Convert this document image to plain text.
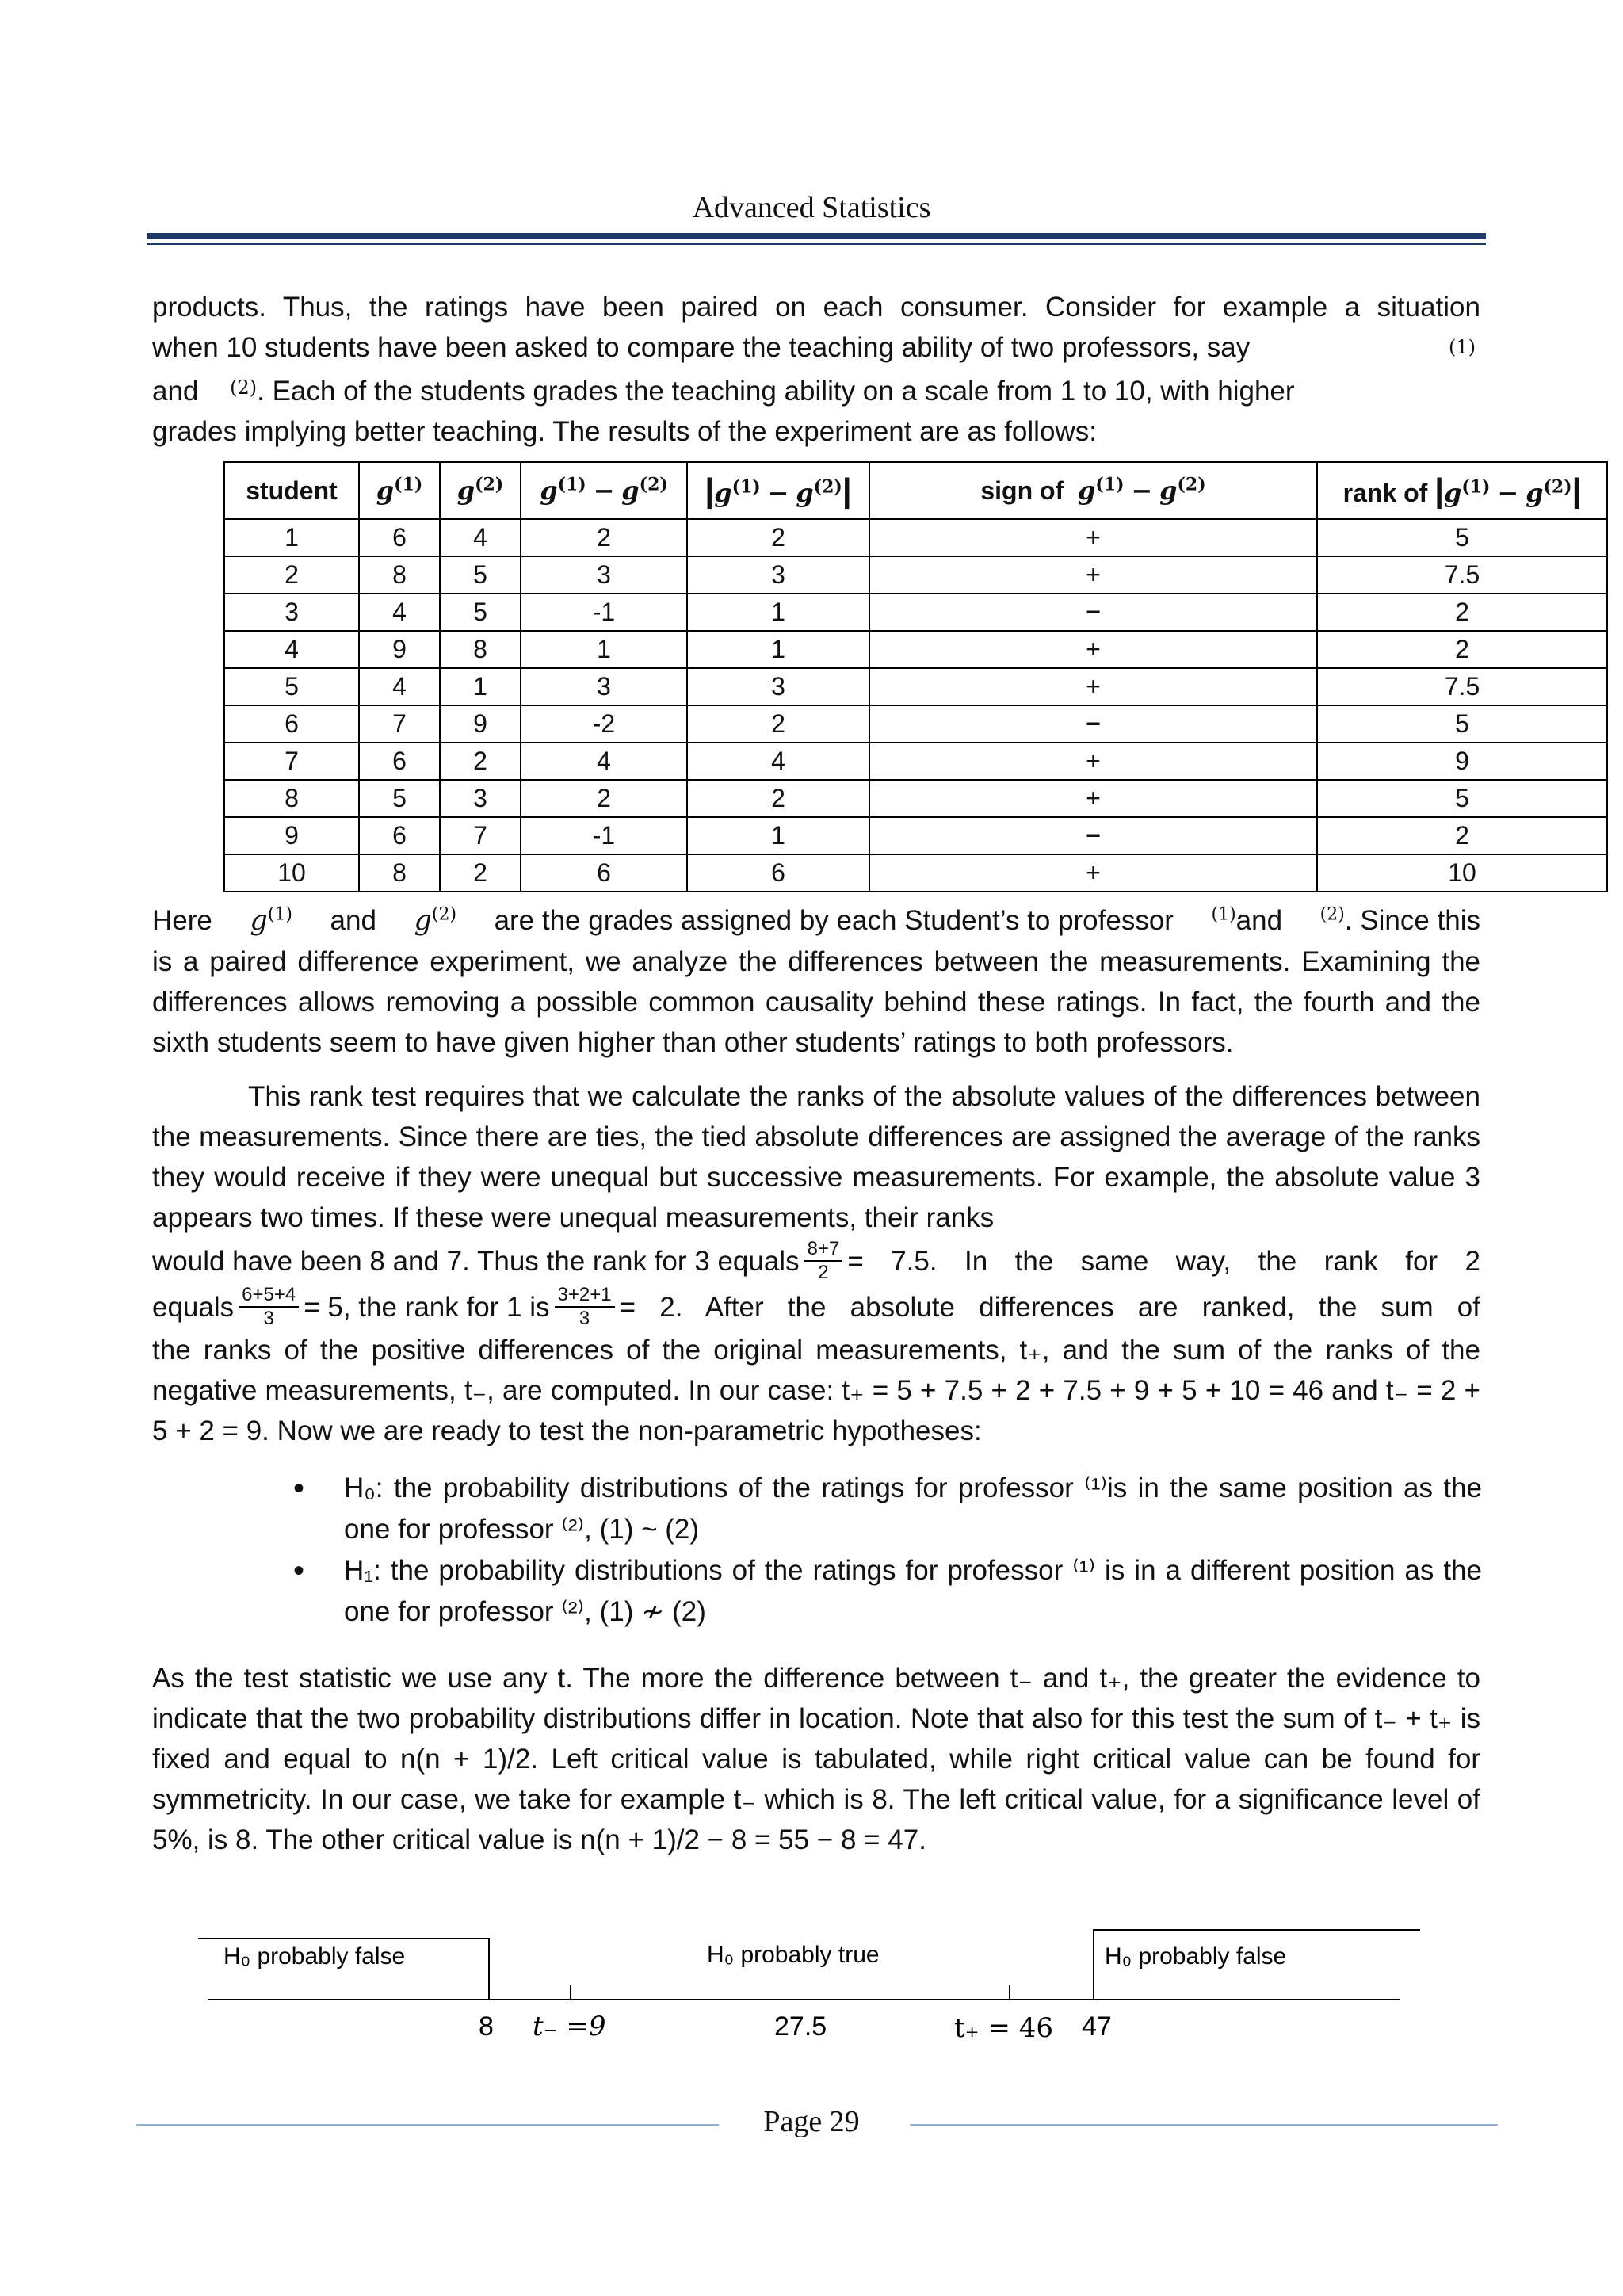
Advanced Statistics
products. Thus, the ratings have been paired on each consumer. Consider for example a situation
when 10 students have been asked to compare the teaching ability of two professors, say	(1)
and $^{(2)}$. Each of the students grades the teaching ability on a scale from 1 to 10, with higher
grades implying better teaching. The results of the experiment are as follows:
student	$g^{(1)}$	$g^{(2)}$	$g^{(1)} - g^{(2)}$	$|g^{(1)} - g^{(2)}|$	sign of  $g^{(1)} - g^{(2)}$	rank of $|g^{(1)} - g^{(2)}|$
1	6	4	2	2	+	5
2	8	5	3	3	+	7.5
3	4	5	-1	1	−	2
4	9	8	1	1	+	2
5	4	1	3	3	+	7.5
6	7	9	-2	2	−	5
7	6	2	4	4	+	9
8	5	3	2	2	+	5
9	6	7	-1	1	−	2
10	8	2	6	6	+	10
Here $g^{(1)}$ and $g^{(2)}$ are the grades assigned by each Student’s to professor $^{(1)}$and $^{(2)}$. Since this
is a paired difference experiment, we analyze the differences between the measurements. Examining the differences allows removing a possible common causality behind these ratings. In fact, the fourth and the sixth students seem to have given higher than other students’ ratings to both professors.
This rank test requires that we calculate the ranks of the absolute values of the differences between the measurements. Since there are ties, the tied absolute differences are assigned the average of the ranks they would receive if they were unequal but successive measurements. For example, the absolute value 3 appears two times. If these were unequal measurements, their ranks
would have been 8 and 7. Thus the rank for 3 equals $\frac{8+7}{2} = 7.5$. In the same way, the rank for 2
equals $\frac{6+5+4}{3} = 5$, the rank for 1 is $\frac{3+2+1}{3} = 2$. After the absolute differences are ranked, the sum of
the ranks of the positive differences of the original measurements, t₊, and the sum of the ranks of the negative measurements, t₋, are computed. In our case: t₊ = 5 + 7.5 + 2 + 7.5 + 9 + 5 + 10 = 46 and t₋ = 2 + 5 + 2 = 9. Now we are ready to test the non-parametric hypotheses:
• H₀: the probability distributions of the ratings for professor ⁽¹⁾is in the same position as the one for professor ⁽²⁾, (1) ~ (2)
• H₁: the probability distributions of the ratings for professor ⁽¹⁾ is in a different position as the one for professor ⁽²⁾, (1) ≁ (2)
As the test statistic we use any t. The more the difference between t₋ and t₊, the greater the evidence to indicate that the two probability distributions differ in location. Note that also for this test the sum of t₋ + t₊ is fixed and equal to n(n + 1)/2. Left critical value is tabulated, while right critical value can be found for symmetricity. In our case, we take for example t₋ which is 8. The left critical value, for a significance level of 5%, is 8. The other critical value is n(n + 1)/2 − 8 = 55 − 8 = 47.
H₀ probably false	H₀ probably true	H₀ probably false
8 t₋ =9	27.5	t₊ = 46 47
Page 29
